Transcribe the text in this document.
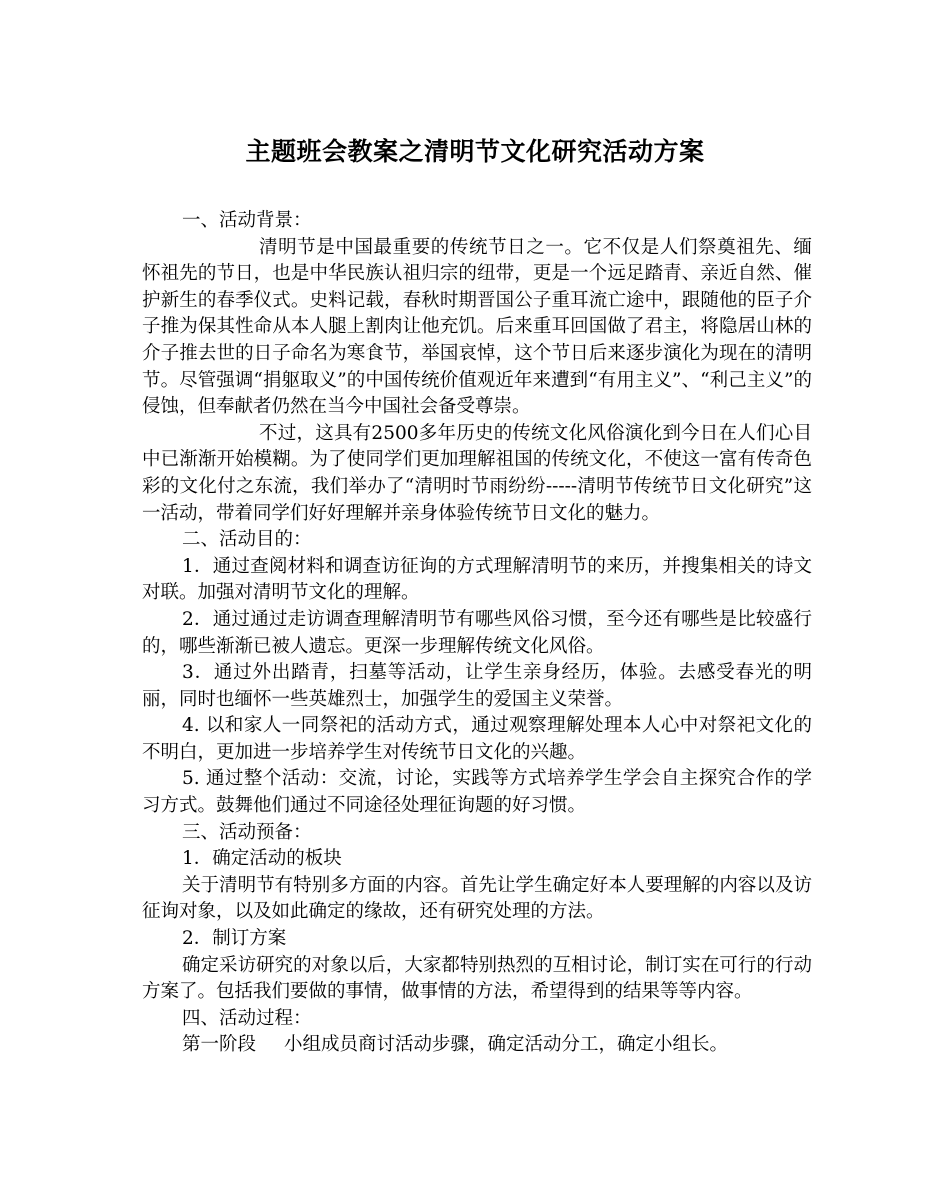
主题班会教案之清明节文化研究活动方案

一、活动背景：

清明节是中国最重要的传统节日之一。它不仅是人们祭奠祖先、缅怀祖先的节日，也是中华民族认祖归宗的纽带，更是一个远足踏青、亲近自然、催护新生的春季仪式。史料记载，春秋时期晋国公子重耳流亡途中，跟随他的臣子介子推为保其性命从本人腿上割肉让他充饥。后来重耳回国做了君主，将隐居山林的介子推去世的日子命名为寒食节，举国哀悼，这个节日后来逐步演化为现在的清明节。尽管强调“捐躯取义”的中国传统价值观近年来遭到“有用主义”、“利己主义”的侵蚀，但奉献者仍然在当今中国社会备受尊崇。

不过，这具有2500多年历史的传统文化风俗演化到今日在人们心目中已渐渐开始模糊。为了使同学们更加理解祖国的传统文化，不使这一富有传奇色彩的文化付之东流，我们举办了“清明时节雨纷纷-----清明节传统节日文化研究”这一活动，带着同学们好好理解并亲身体验传统节日文化的魅力。

二、活动目的：

1．通过查阅材料和调查访征询的方式理解清明节的来历，并搜集相关的诗文对联。加强对清明节文化的理解。

2．通过通过走访调查理解清明节有哪些风俗习惯，至今还有哪些是比较盛行的，哪些渐渐已被人遗忘。更深一步理解传统文化风俗。

3．通过外出踏青，扫墓等活动，让学生亲身经历，体验。去感受春光的明丽，同时也缅怀一些英雄烈士，加强学生的爱国主义荣誉。

4. 以和家人一同祭祀的活动方式，通过观察理解处理本人心中对祭祀文化的不明白，更加进一步培养学生对传统节日文化的兴趣。

5. 通过整个活动：交流，讨论，实践等方式培养学生学会自主探究合作的学习方式。鼓舞他们通过不同途径处理征询题的好习惯。

三、活动预备：

1．确定活动的板块

关于清明节有特别多方面的内容。首先让学生确定好本人要理解的内容以及访征询对象，以及如此确定的缘故，还有研究处理的方法。

2．制订方案

确定采访研究的对象以后，大家都特别热烈的互相讨论，制订实在可行的行动方案了。包括我们要做的事情，做事情的方法，希望得到的结果等等内容。

四、活动过程：

第一阶段 小组成员商讨活动步骤，确定活动分工，确定小组长。
